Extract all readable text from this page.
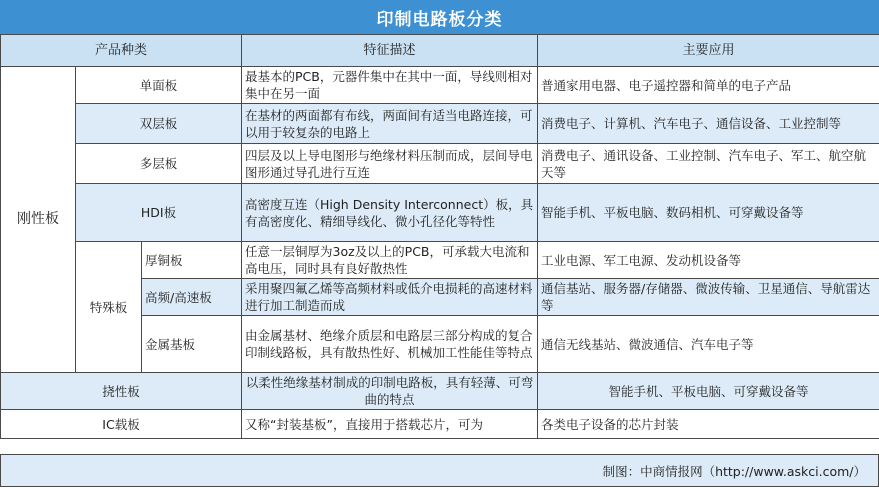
印制电路板分类
产品种类			特征描述	主要应用
刚性板	单面板		最基本的PCB，元器件集中在其中一面，导线则相对集中在另一面	普通家用电器、电子遥控器和简单的电子产品
	双层板		在基材的两面都有布线，两面间有适当电路连接，可以用于较复杂的电路上	消费电子、计算机、汽车电子、通信设备、工业控制等
	多层板		四层及以上导电图形与绝缘材料压制而成，层间导电图形通过导孔进行互连	消费电子、通讯设备、工业控制、汽车电子、军工、航空航天等
	HDI板		高密度互连（High Density Interconnect）板，具有高密度化、精细导线化、微小孔径化等特性	智能手机、平板电脑、数码相机、可穿戴设备等
	特殊板	厚铜板	任意一层铜厚为3oz及以上的PCB，可承载大电流和高电压，同时具有良好散热性	工业电源、军工电源、发动机设备等
		高频/高速板	采用聚四氟乙烯等高频材料或低介电损耗的高速材料进行加工制造而成	通信基站、服务器/存储器、微波传输、卫星通信、导航雷达等
		金属基板	由金属基材、绝缘介质层和电路层三部分构成的复合印制线路板，具有散热性好、机械加工性能佳等特点	通信无线基站、微波通信、汽车电子等
挠性板			以柔性绝缘基材制成的印制电路板，具有轻薄、可弯曲的特点	智能手机、平板电脑、可穿戴设备等
IC载板			又称“封装基板”，直接用于搭载芯片，可为	各类电子设备的芯片封装
制图：中商情报网（http://www.askci.com/）
